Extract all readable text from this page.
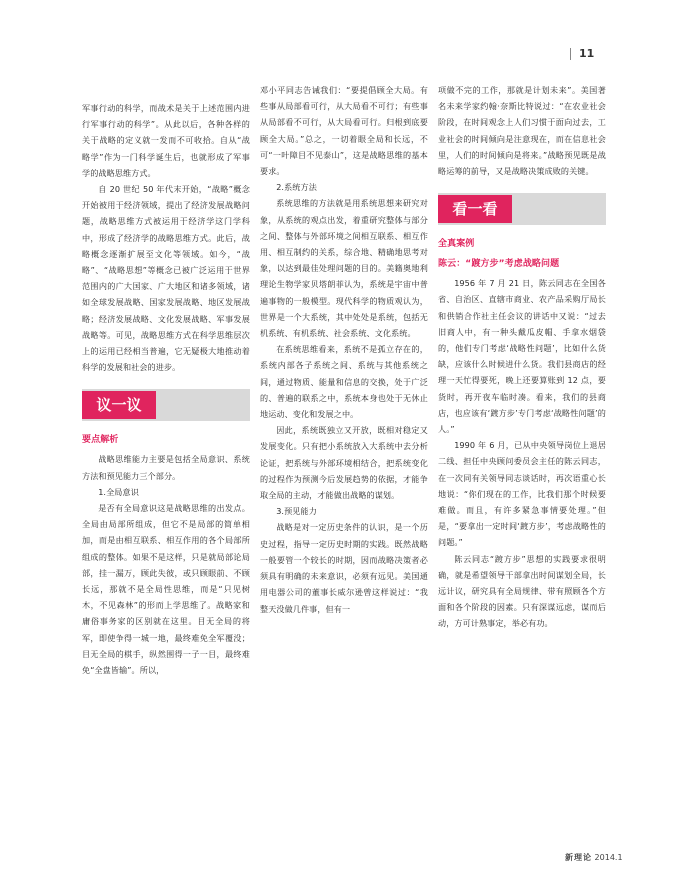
11

军事行动的科学，而战术是关于上述范围内进行军事行动的科学”。从此以后，各种各样的关于战略的定义就一发而不可收拾。自从“战略学”作为一门科学诞生后，也就形成了军事学的战略思维方式。

自 20 世纪 50 年代末开始，“战略”概念开始被用于经济领域，提出了经济发展战略问题，战略思维方式被运用于经济学这门学科中，形成了经济学的战略思维方式。此后，战略概念逐渐扩展至文化等领域。如今，“战略”、“战略思想”等概念已被广泛运用于世界范围内的广大国家、广大地区和诸多领域，诸如全球发展战略、国家发展战略、地区发展战略；经济发展战略、文化发展战略、军事发展战略等。可见，战略思维方式在科学思维层次上的运用已经相当普遍，它无疑极大地推动着科学的发展和社会的进步。

议一议
要点解析

战略思维能力主要是包括全局意识、系统方法和预见能力三个部分。

1.全局意识

是否有全局意识这是战略思维的出发点。全局由局部所组成，但它不是局部的简单相加，而是由相互联系、相互作用的各个局部所组成的整体。如果不是这样，只是就局部论局部，挂一漏万，顾此失彼，或只顾眼前、不顾长远，那就不是全局性思维，而是“只见树木，不见森林”的形而上学思维了。战略家和庸俗事务家的区别就在这里。目无全局的将军，即使争得一城一地，最终难免全军覆没；目无全局的棋手，纵然围得一子一目，最终难免“全盘皆输”。所以，

邓小平同志告诫我们：“要提倡顾全大局。有些事从局部看可行，从大局看不可行；有些事从局部看不可行，从大局看可行。归根到底要顾全大局。”总之，一切着眼全局和长远，不可“一叶障目不见泰山”，这是战略思维的基本要求。

2.系统方法

系统思维的方法就是用系统思想来研究对象，从系统的观点出发，着重研究整体与部分之间、整体与外部环境之间相互联系、相互作用、相互制约的关系，综合地、精确地思考对象，以达到最佳处理问题的目的。美籍奥地利理论生物学家贝塔朗菲认为，系统是宇宙中普遍事物的一般模型。现代科学的物质观认为，世界是一个大系统，其中处处是系统，包括无机系统、有机系统、社会系统、文化系统。

在系统思维看来，系统不是孤立存在的，系统内部各子系统之间、系统与其他系统之间，通过物质、能量和信息的交换，处于广泛的、普遍的联系之中，系统本身也处于无休止地运动、变化和发展之中。

因此，系统既独立又开放，既相对稳定又发展变化。只有把小系统放入大系统中去分析论证，把系统与外部环境相结合，把系统变化的过程作为预测今后发展趋势的依据，才能争取全局的主动，才能做出战略的谋划。

3.预见能力

战略是对一定历史条件的认识，是一个历史过程，指导一定历史时期的实践。既然战略一般要管一个较长的时期，因而战略决策者必须具有明确的未来意识，必须有远见。美国通用电器公司的董事长威尔逊曾这样说过：“我整天没做几件事，但有一

项做不完的工作，那就是计划未来”。美国著名未来学家约翰·奈斯比特说过：“在农业社会阶段，在时间观念上人们习惯于面向过去，工业社会的时间倾向是注意现在，而在信息社会里，人们的时间倾向是将来。”战略预见既是战略运筹的前导，又是战略决策成败的关键。

看一看
全真案例
陈云：“踱方步”考虑战略问题

1956 年 7 月 21 日，陈云同志在全国各省、自治区、直辖市商业、农产品采购厅局长和供销合作社主任会议的讲话中又说：“过去旧商人中，有一种头戴瓜皮帽、手拿水烟袋的，他们专门考虑‘战略性问题’，比如什么货缺，应该什么时候进什么货。我们县商店的经理一天忙得要死，晚上还要算账到 12 点，要货时，再开夜车临时凑。看来，我们的县商店，也应该有‘踱方步’专门考虑‘战略性问题’的人。”

1990 年 6 月，已从中央领导岗位上退居二线、担任中央顾问委员会主任的陈云同志，在一次同有关领导同志谈话时，再次语重心长地说：“你们现在的工作，比我们那个时候要难做。而且，有许多紧急事情要处理。”但是，“要拿出一定时间‘踱方步’，考虑战略性的问题。”

陈云同志“踱方步”思想的实践要求很明确，就是希望领导干部拿出时间谋划全局，长远计议，研究具有全局规律、带有照顾各个方面和各个阶段的因素。只有深谋远虑，谋而后动，方可计熟事定，举必有功。

新理论 2014.1
